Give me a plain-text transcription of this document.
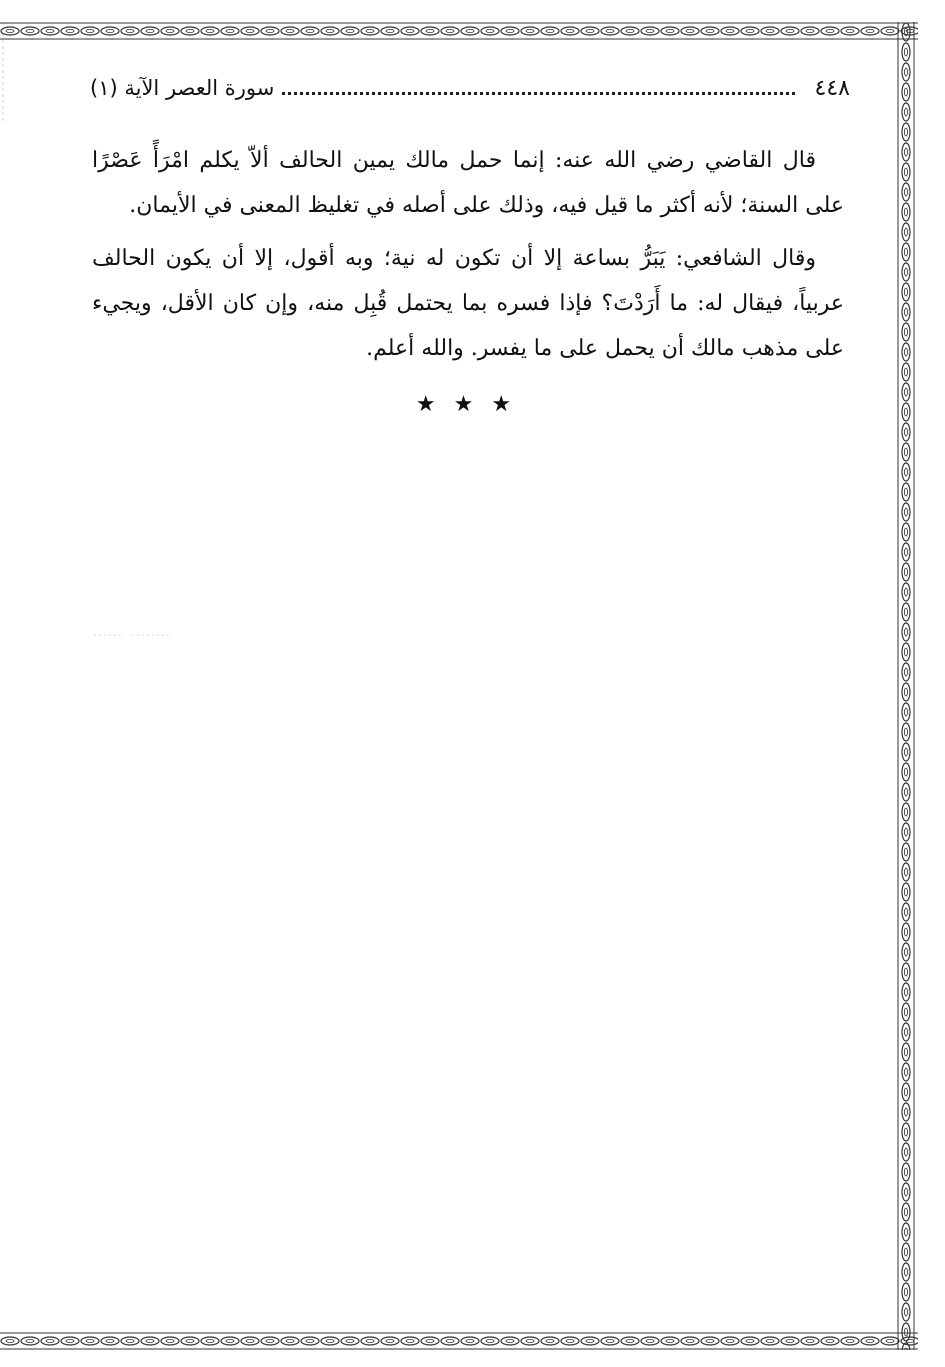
٤٤٨
سورة العصر الآية (١)

قال القاضي رضي الله عنه: إنما حمل مالك يمين الحالف ألاّ يكلم امْرَأً عَصْرًا على السنة؛ لأنه أكثر ما قيل فيه، وذلك على أصله في تغليظ المعنى في الأيمان.

وقال الشافعي: يَبَرُّ بساعة إلا أن تكون له نية؛ وبه أقول، إلا أن يكون الحالف عربياً، فيقال له: ما أَرَدْتَ؟ فإذا فسره بما يحتمل قُبِل منه، وإن كان الأقل، ويجيء على مذهب مالك أن يحمل على ما يفسر. والله أعلم.

★★★
